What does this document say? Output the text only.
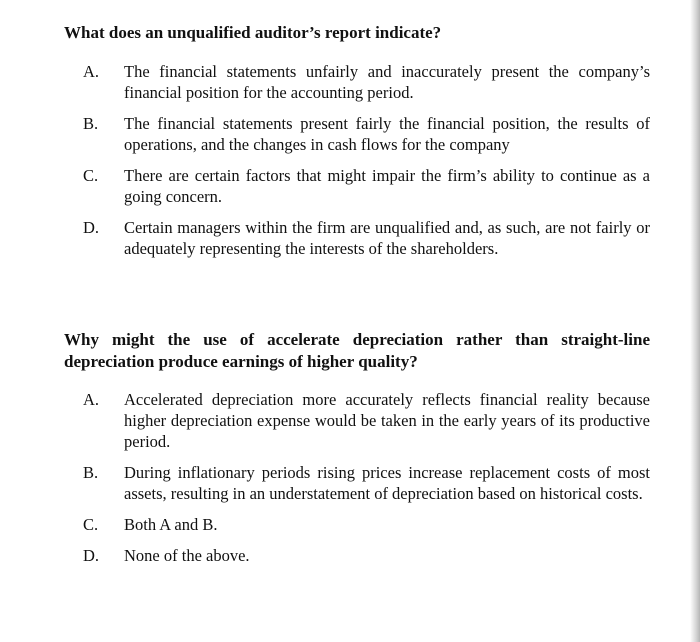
What does an unqualified auditor’s report indicate?

A. The financial statements unfairly and inaccurately present the company’s financial position for the accounting period.
B. The financial statements present fairly the financial position, the results of operations, and the changes in cash flows for the company
C. There are certain factors that might impair the firm’s ability to continue as a going concern.
D. Certain managers within the firm are unqualified and, as such, are not fairly or adequately representing the interests of the shareholders.

Why might the use of accelerate depreciation rather than straight-line depreciation produce earnings of higher quality?

A. Accelerated depreciation more accurately reflects financial reality because higher depreciation expense would be taken in the early years of its productive period.
B. During inflationary periods rising prices increase replacement costs of most assets, resulting in an understatement of depreciation based on historical costs.
C. Both A and B.
D. None of the above.
